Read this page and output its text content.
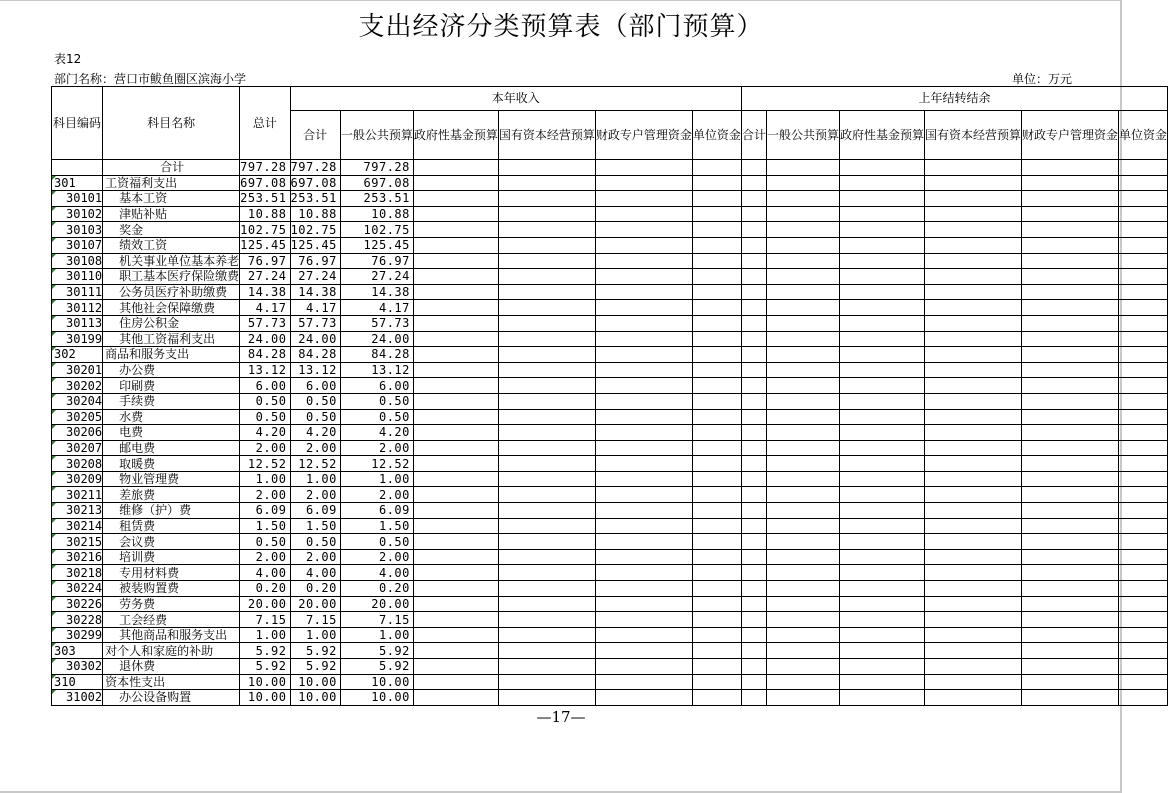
支出经济分类预算表（部门预算）
表12
部门名称：营口市鲅鱼圈区滨海小学	单位：万元
科目编码	科目名称	总计	本年收入						上年结转结余					
			合计	一般公共预算	政府性基金预算	国有资本经营预算	财政专户管理资金	单位资金	合计	一般公共预算	政府性基金预算	国有资本经营预算	财政专户管理资金	单位资金
	合计	797.28	797.28	797.28										
301	工资福利支出	697.08	697.08	697.08										
30101	基本工资	253.51	253.51	253.51										
30102	津贴补贴	10.88	10.88	10.88										
30103	奖金	102.75	102.75	102.75										
30107	绩效工资	125.45	125.45	125.45										
30108	机关事业单位基本养老	76.97	76.97	76.97										
30110	职工基本医疗保险缴费	27.24	27.24	27.24										
30111	公务员医疗补助缴费	14.38	14.38	14.38										
30112	其他社会保障缴费	4.17	4.17	4.17										
30113	住房公积金	57.73	57.73	57.73										
30199	其他工资福利支出	24.00	24.00	24.00										
302	商品和服务支出	84.28	84.28	84.28										
30201	办公费	13.12	13.12	13.12										
30202	印刷费	6.00	6.00	6.00										
30204	手续费	0.50	0.50	0.50										
30205	水费	0.50	0.50	0.50										
30206	电费	4.20	4.20	4.20										
30207	邮电费	2.00	2.00	2.00										
30208	取暖费	12.52	12.52	12.52										
30209	物业管理费	1.00	1.00	1.00										
30211	差旅费	2.00	2.00	2.00										
30213	维修（护）费	6.09	6.09	6.09										
30214	租赁费	1.50	1.50	1.50										
30215	会议费	0.50	0.50	0.50										
30216	培训费	2.00	2.00	2.00										
30218	专用材料费	4.00	4.00	4.00										
30224	被装购置费	0.20	0.20	0.20										
30226	劳务费	20.00	20.00	20.00										
30228	工会经费	7.15	7.15	7.15										
30299	其他商品和服务支出	1.00	1.00	1.00										
303	对个人和家庭的补助	5.92	5.92	5.92										
30302	退休费	5.92	5.92	5.92										
310	资本性支出	10.00	10.00	10.00										
31002	办公设备购置	10.00	10.00	10.00										
—17—
